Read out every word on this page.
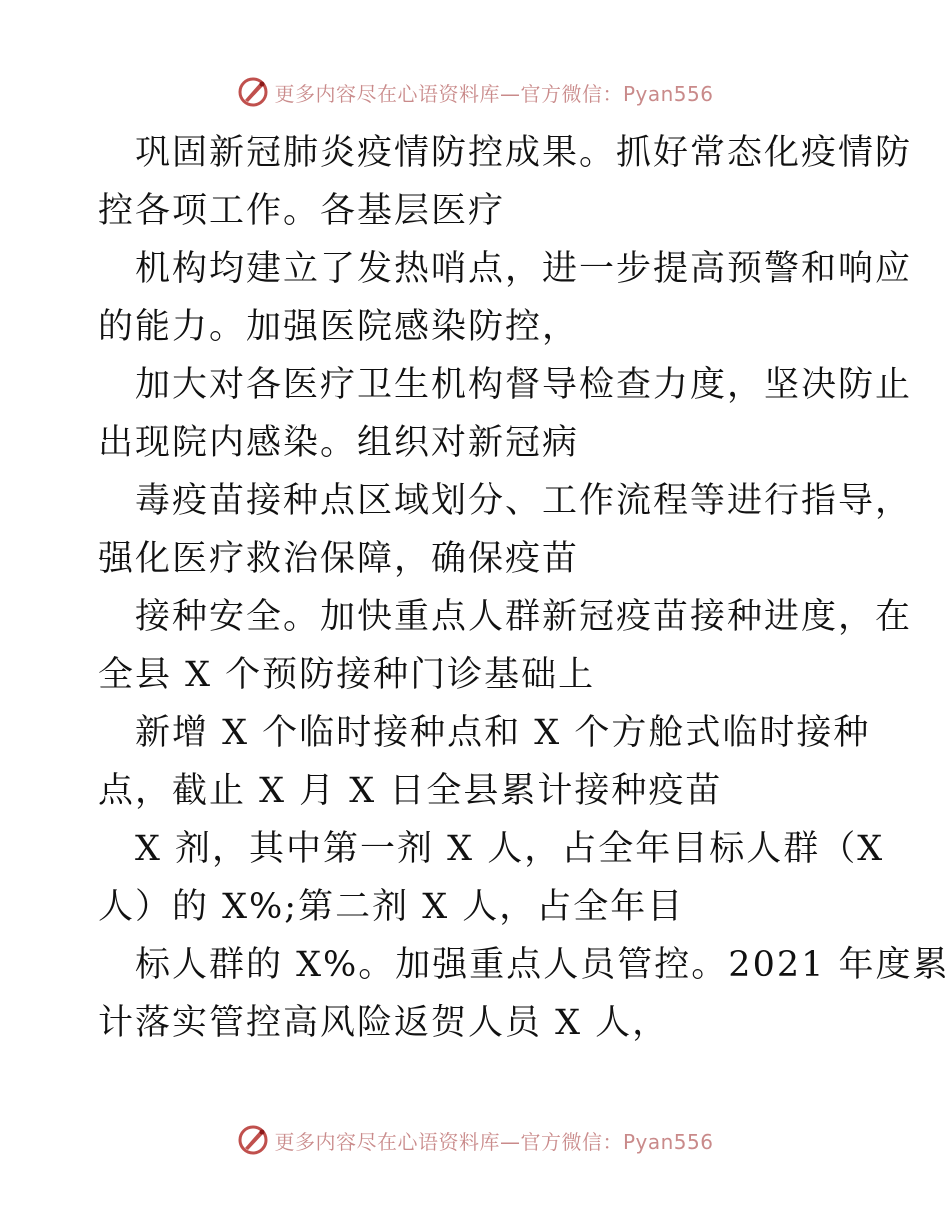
更多内容尽在心语资料库—官方微信：Pyan556
巩固新冠肺炎疫情防控成果。抓好常态化疫情防
控各项工作。各基层医疗
机构均建立了发热哨点，进一步提高预警和响应
的能力。加强医院感染防控，
加大对各医疗卫生机构督导检查力度，坚决防止
出现院内感染。组织对新冠病
毒疫苗接种点区域划分、工作流程等进行指导，
强化医疗救治保障，确保疫苗
接种安全。加快重点人群新冠疫苗接种进度，在
全县 X 个预防接种门诊基础上
新增 X 个临时接种点和 X 个方舱式临时接种
点，截止 X 月 X 日全县累计接种疫苗
X 剂，其中第一剂 X 人，占全年目标人群（X
人）的 X%;第二剂 X 人，占全年目
标人群的 X%。加强重点人员管控。2021 年度累
计落实管控高风险返贺人员 X 人，
更多内容尽在心语资料库—官方微信：Pyan556
